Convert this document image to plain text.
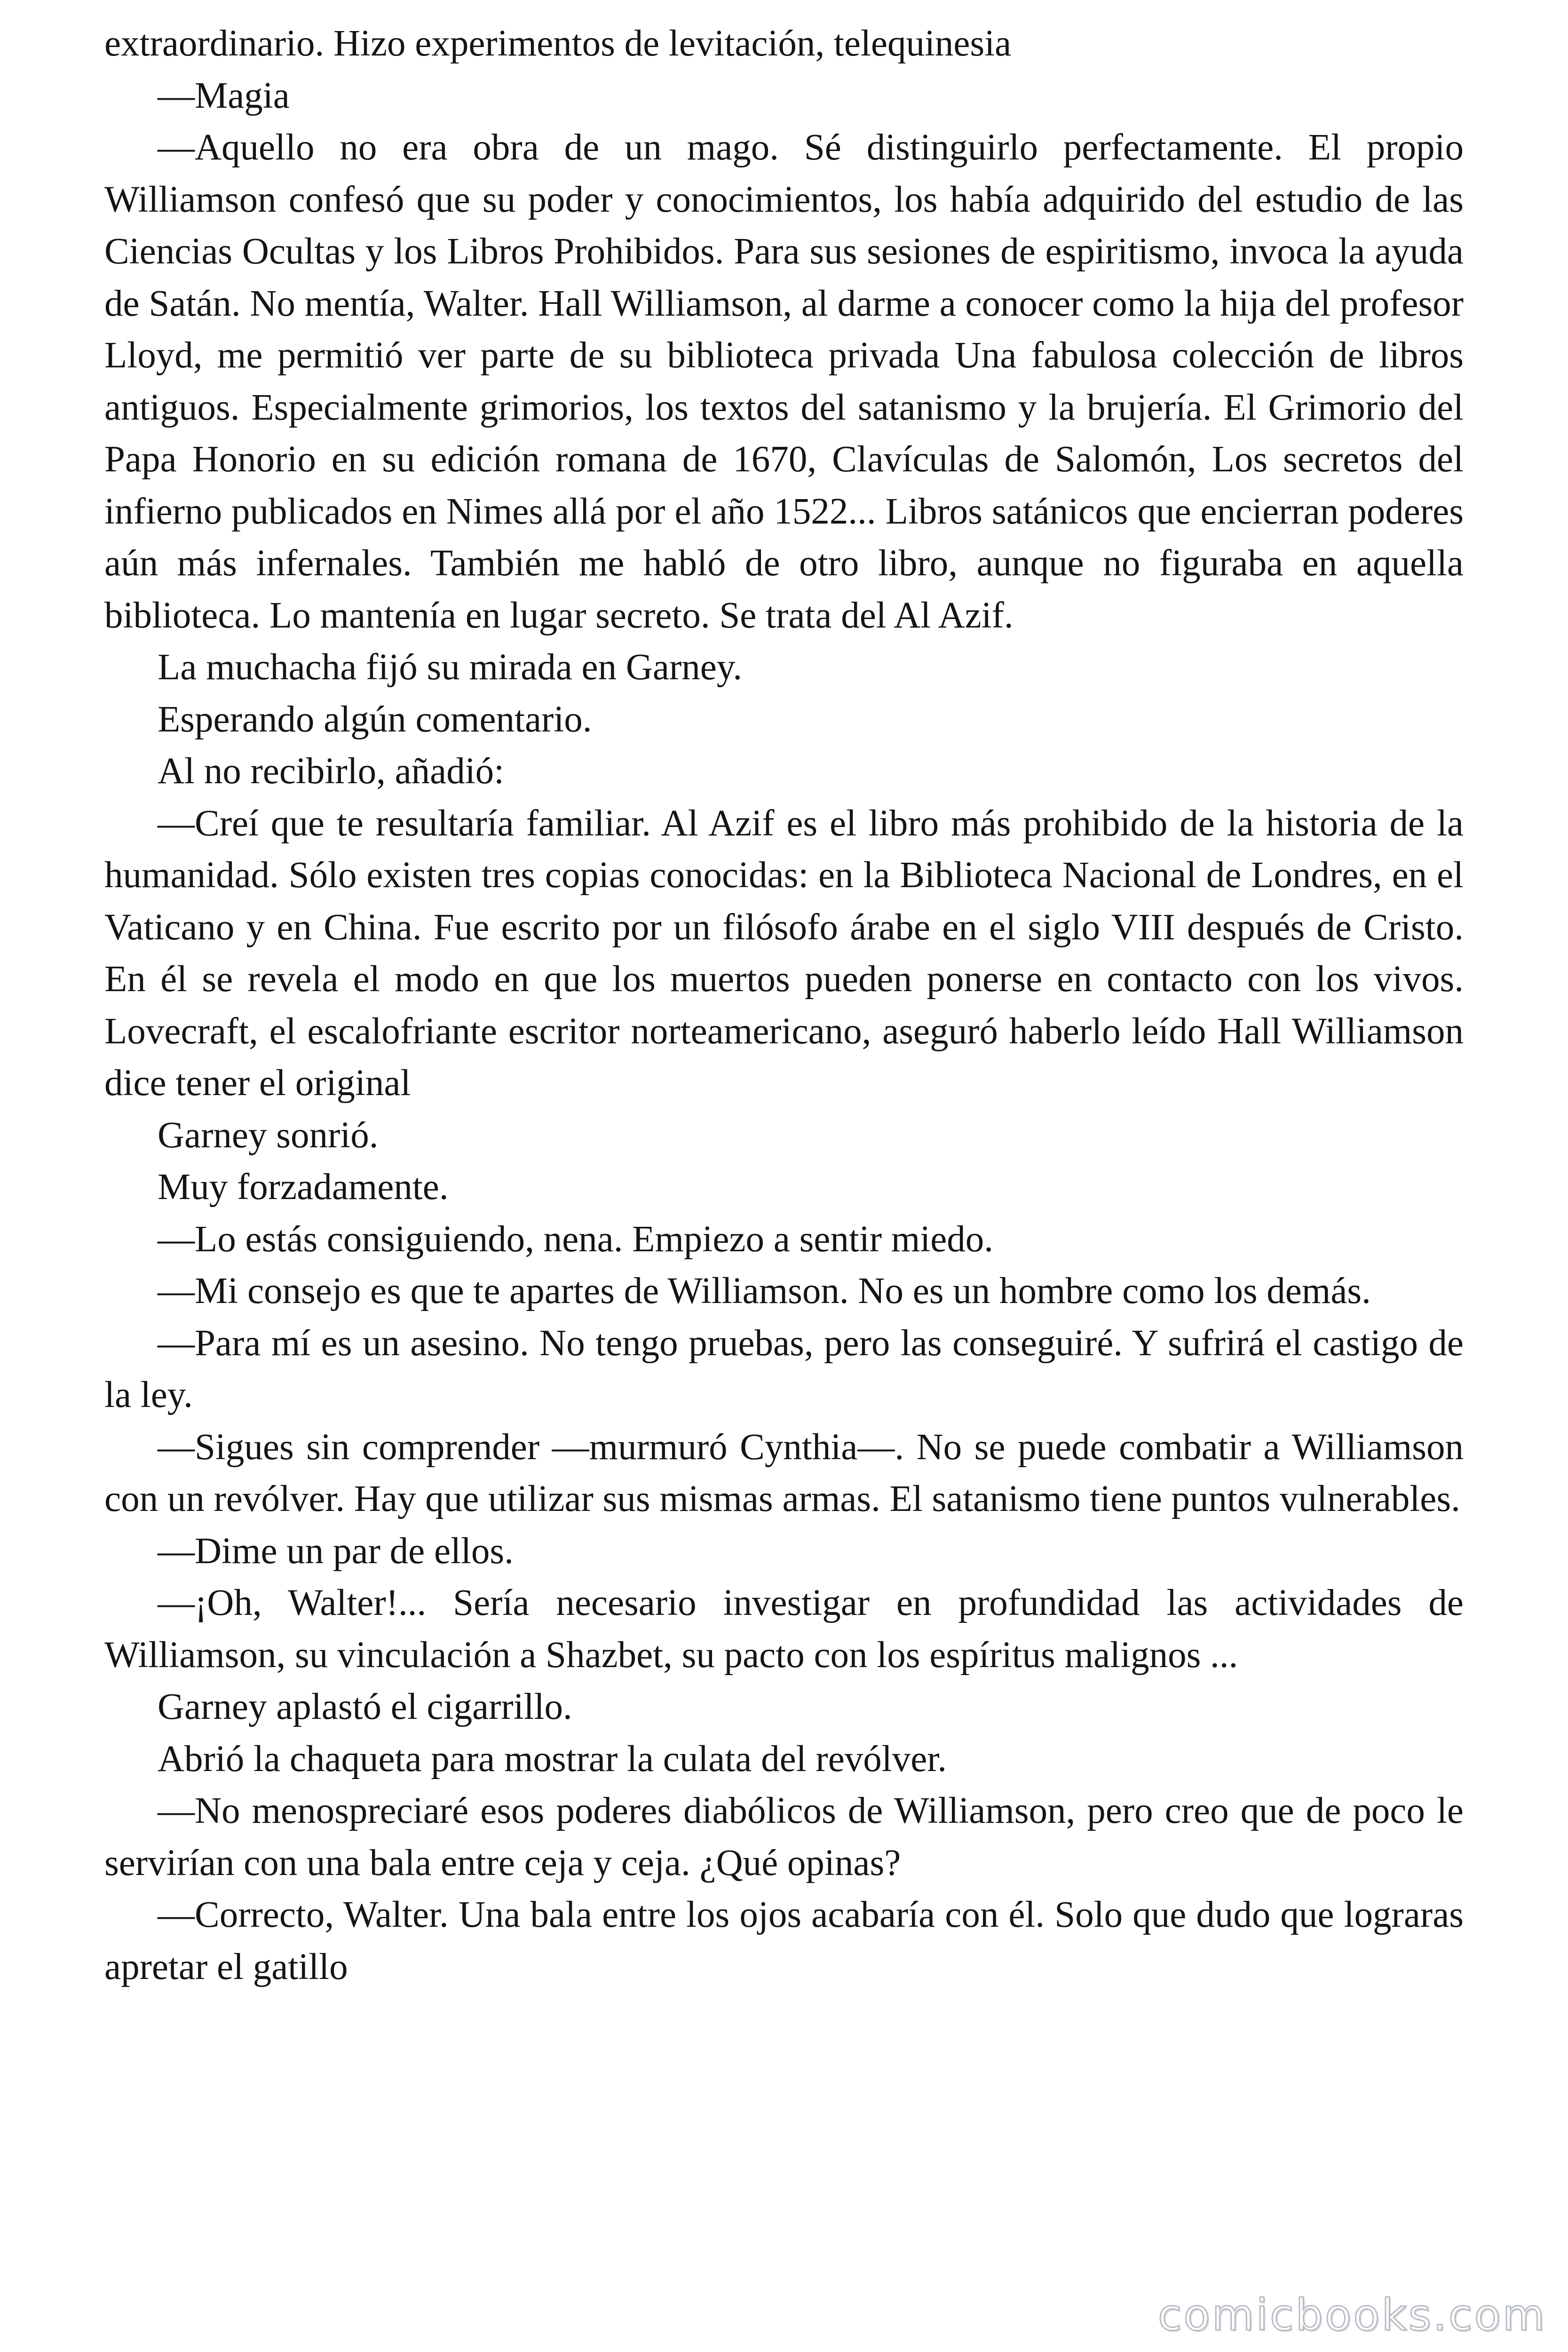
extraordinario. Hizo experimentos de levitación, telequinesia

—Magia

—Aquello no era obra de un mago. Sé distinguirlo perfectamente. El propio Williamson confesó que su poder y conocimientos, los había adquirido del estudio de las Ciencias Ocultas y los Libros Prohibidos. Para sus sesiones de espiritismo, invoca la ayuda de Satán. No mentía, Walter. Hall Williamson, al darme a conocer como la hija del profesor Lloyd, me permitió ver parte de su biblioteca privada Una fabulosa colección de libros antiguos. Especialmente grimorios, los textos del satanismo y la brujería. El Grimorio del Papa Honorio en su edición romana de 1670, Clavículas de Salomón, Los secretos del infierno publicados en Nimes allá por el año 1522... Libros satánicos que encierran poderes aún más infernales. También me habló de otro libro, aunque no figuraba en aquella biblioteca. Lo mantenía en lugar secreto. Se trata del Al Azif.

La muchacha fijó su mirada en Garney.

Esperando algún comentario.

Al no recibirlo, añadió:

—Creí que te resultaría familiar. Al Azif es el libro más prohibido de la historia de la humanidad. Sólo existen tres copias conocidas: en la Biblioteca Nacional de Londres, en el Vaticano y en China. Fue escrito por un filósofo árabe en el siglo VIII después de Cristo. En él se revela el modo en que los muertos pueden ponerse en contacto con los vivos. Lovecraft, el escalofriante escritor norteamericano, aseguró haberlo leído Hall Williamson dice tener el original

Garney sonrió.

Muy forzadamente.

—Lo estás consiguiendo, nena. Empiezo a sentir miedo.

—Mi consejo es que te apartes de Williamson. No es un hombre como los demás.

—Para mí es un asesino. No tengo pruebas, pero las conseguiré. Y sufrirá el castigo de la ley.

—Sigues sin comprender —murmuró Cynthia—. No se puede combatir a Williamson con un revólver. Hay que utilizar sus mismas armas. El satanismo tiene puntos vulnerables.

—Dime un par de ellos.

—¡Oh, Walter!... Sería necesario investigar en profundidad las actividades de Williamson, su vinculación a Shazbet, su pacto con los espíritus malignos ...

Garney aplastó el cigarrillo.

Abrió la chaqueta para mostrar la culata del revólver.

—No menospreciaré esos poderes diabólicos de Williamson, pero creo que de poco le servirían con una bala entre ceja y ceja. ¿Qué opinas?

—Correcto, Walter. Una bala entre los ojos acabaría con él. Solo que dudo que lograras apretar el gatillo

comicbooks.com
